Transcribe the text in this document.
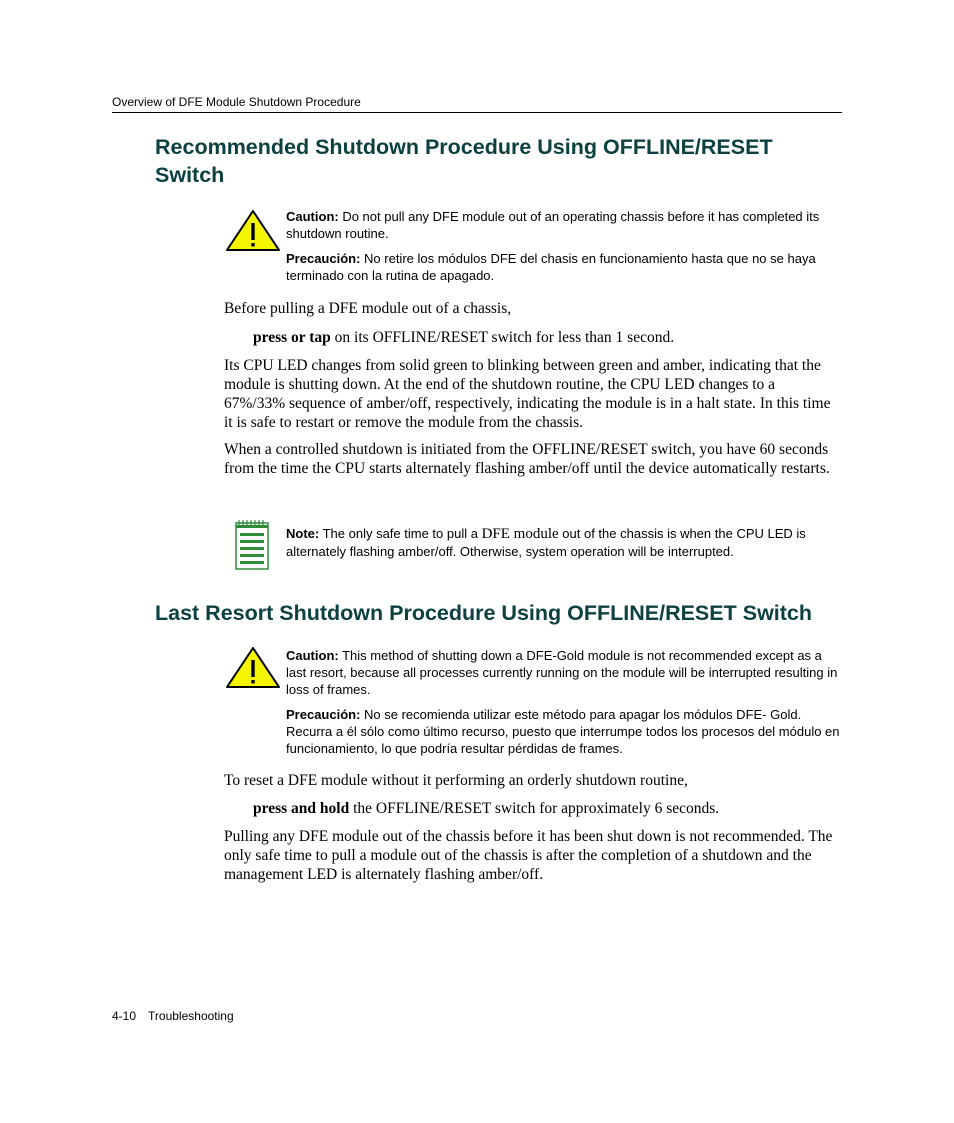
Overview of DFE Module Shutdown Procedure
Recommended Shutdown Procedure Using OFFLINE/RESET Switch

Caution: Do not pull any DFE module out of an operating chassis before it has completed its shutdown routine.

Precaución: No retire los módulos DFE del chasis en funcionamiento hasta que no se haya terminado con la rutina de apagado.

Before pulling a DFE module out of a chassis,

press or tap on its OFFLINE/RESET switch for less than 1 second.

Its CPU LED changes from solid green to blinking between green and amber, indicating that the module is shutting down. At the end of the shutdown routine, the CPU LED changes to a 67%/33% sequence of amber/off, respectively, indicating the module is in a halt state. In this time it is safe to restart or remove the module from the chassis.

When a controlled shutdown is initiated from the OFFLINE/RESET switch, you have 60 seconds from the time the CPU starts alternately flashing amber/off until the device automatically restarts.

Note: The only safe time to pull a DFE module out of the chassis is when the CPU LED is alternately flashing amber/off. Otherwise, system operation will be interrupted.

Last Resort Shutdown Procedure Using OFFLINE/RESET Switch

Caution: This method of shutting down a DFE-Gold module is not recommended except as a last resort, because all processes currently running on the module will be interrupted resulting in loss of frames.

Precaución: No se recomienda utilizar este método para apagar los módulos DFE- Gold. Recurra a él sólo como último recurso, puesto que interrumpe todos los procesos del módulo en funcionamiento, lo que podría resultar pérdidas de frames.

To reset a DFE module without it performing an orderly shutdown routine,

press and hold the OFFLINE/RESET switch for approximately 6 seconds.

Pulling any DFE module out of the chassis before it has been shut down is not recommended. The only safe time to pull a module out of the chassis is after the completion of a shutdown and the management LED is alternately flashing amber/off.

4-10 Troubleshooting
